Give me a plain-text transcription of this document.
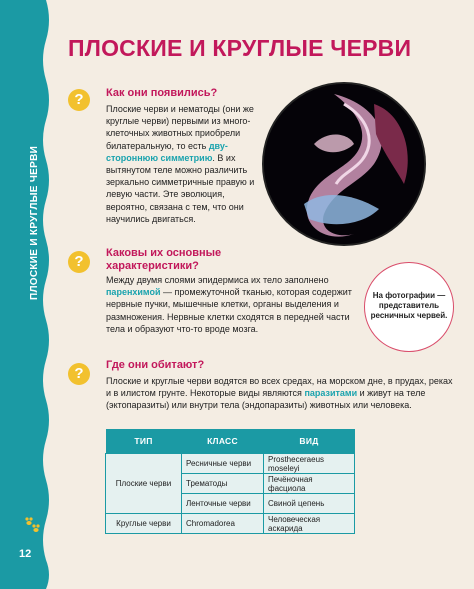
ПЛОСКИЕ И КРУГЛЫЕ ЧЕРВИ
12
ПЛОСКИЕ И КРУГЛЫЕ ЧЕРВИ
?	Как они появились?
Плоские черви и нематоды (они же круглые черви) первыми из многоклеточных животных приобрели билатеральную, то есть двустороннюю симметрию. В их вытянутом теле можно различить зеркально симметричные правую и левую части. Эте эволюция, вероятно, связана с тем, что они научились двигаться.
?	Каковы их основные
характеристики?
Между двумя слоями эпидермиса их тело заполнено паренхимой — промежуточной тканью, которая содержит нервные пучки, мышечные клетки, органы выделения и размножения. Нервные клетки сходятся в передней части тела и образуют что-то вроде мозга.
На фотографии — представитель ресничных червей.
?	Где они обитают?
Плоские и круглые черви водятся во всех средах, на морском дне, в прудах, реках и в илистом грунте. Некоторые виды являются паразитами и живут на теле (эктопаразиты) или внутри тела (эндопаразиты) животных или человека.
ТИП	КЛАСС	ВИД
Плоские черви	Ресничные черви	Prosthecеraeus moseleyi
	Трематоды	Печёночная фасциола
	Ленточные черви	Свиной цепень
Круглые черви	Chromadorea	Человеческая аскарида
